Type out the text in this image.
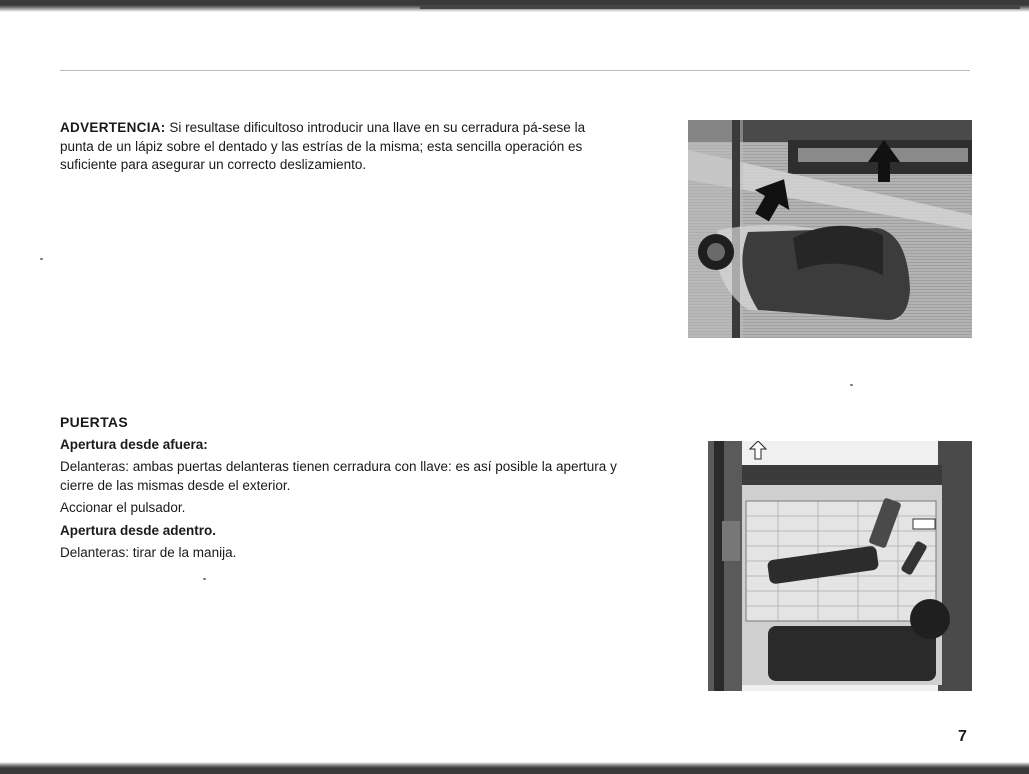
ADVERTENCIA: Si resultase dificultoso introducir una llave en su cerradura pá-sese la punta de un lápiz sobre el dentado y las estrías de la misma; esta sencilla operación es suficiente para asegurar un correcto deslizamiento.

PUERTAS

Apertura desde afuera:

Delanteras: ambas puertas delanteras tienen cerradura con llave: es así posible la apertura y cierre de las mismas desde el exterior.

Accionar el pulsador.

Apertura desde adentro.

Delanteras: tirar de la manija.

7
